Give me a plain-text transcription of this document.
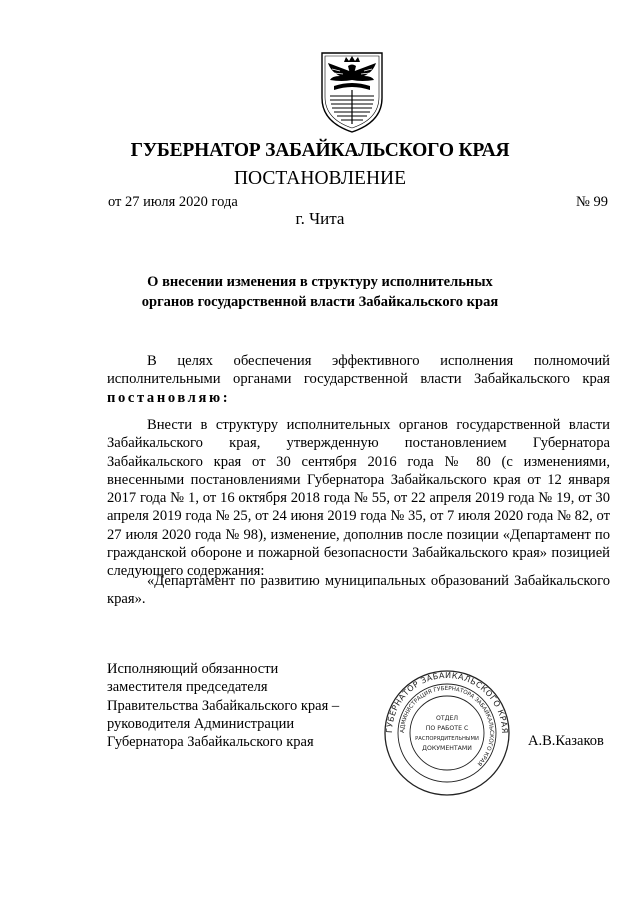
ГУБЕРНАТОР ЗАБАЙКАЛЬСКОГО КРАЯ
ПОСТАНОВЛЕНИЕ
от 27 июля 2020 года	№ 99
г. Чита
О внесении изменения в структуру исполнительных
органов государственной власти Забайкальского края

В целях обеспечения эффективного исполнения полномочий исполнительными органами государственной власти Забайкальского края постановляю:

Внести в структуру исполнительных органов государственной власти Забайкальского края, утвержденную постановлением Губернатора Забайкальского края от 30 сентября 2016 года № 80 (с изменениями, внесенными постановлениями Губернатора Забайкальского края от 12 января 2017 года № 1, от 16 октября 2018 года № 55, от 22 апреля 2019 года № 19, от 30 апреля 2019 года № 25, от 24 июня 2019 года № 35, от 7 июля 2020 года № 82, от 27 июля 2020 года № 98), изменение, дополнив после позиции «Департамент по гражданской обороне и пожарной безопасности Забайкальского края» позицией следующего содержания:

«Департамент по развитию муниципальных образований Забайкальского края».

Исполняющий обязанности
заместителя председателя
Правительства Забайкальского края –
руководителя Администрации
Губернатора Забайкальского края	А.В.Казаков
ГУБЕРНАТОР ЗАБАЙКАЛЬСКОГО КРАЯ
АДМИНИСТРАЦИЯ ГУБЕРНАТОРА ЗАБАЙКАЛЬСКОГО КРАЯ
ОТДЕЛ
ПО РАБОТЕ С
РАСПОРЯДИТЕЛЬНЫМИ
ДОКУМЕНТАМИ
